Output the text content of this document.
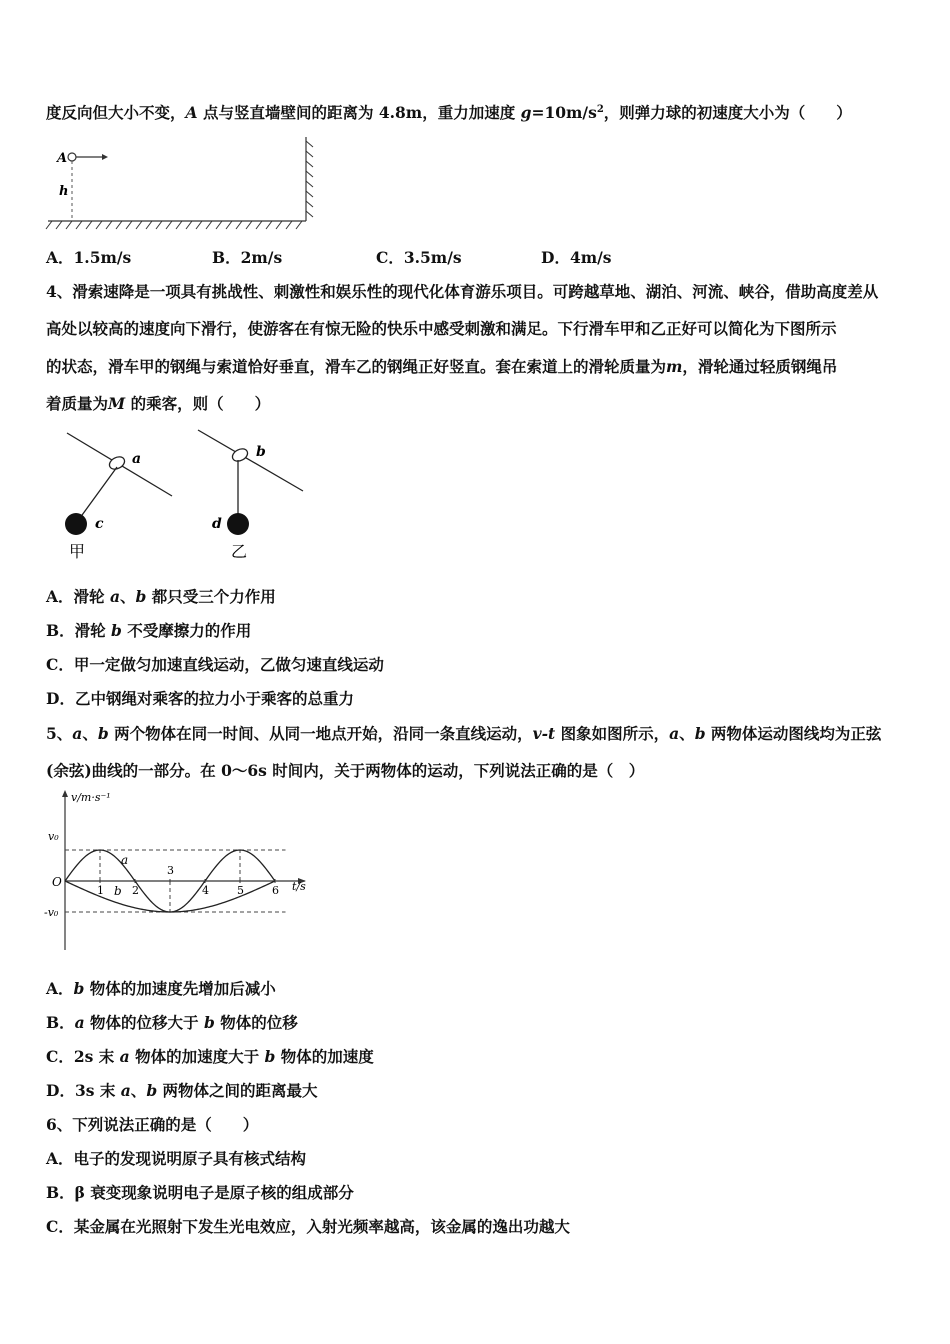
度反向但大小不变，A 点与竖直墙壁间的距离为 4.8m，重力加速度 $g=10m/s^2$，则弹力球的初速度大小为（　　）
A
h
A．1.5m/s	B．2m/s	C．3.5m/s	D．4m/s
4、滑索速降是一项具有挑战性、刺激性和娱乐性的现代化体育游乐项目。可跨越草地、湖泊、河流、峡谷，借助高度差从
高处以较高的速度向下滑行，使游客在有惊无险的快乐中感受刺激和满足。下行滑车甲和乙正好可以简化为下图所示
的状态，滑车甲的钢绳与索道恰好垂直，滑车乙的钢绳正好竖直。套在索道上的滑轮质量为m，滑轮通过轻质钢绳吊
着质量为M 的乘客，则（　　）
a
c
甲
b
d
乙
A．滑轮 a、b 都只受三个力作用
B．滑轮 b 不受摩擦力的作用
C．甲一定做匀加速直线运动，乙做匀速直线运动
D．乙中钢绳对乘客的拉力小于乘客的总重力
5、a、b 两个物体在同一时间、从同一地点开始，沿同一条直线运动，v-t 图象如图所示，a、b 两物体运动图线均为正弦
(余弦)曲线的一部分。在 0～6s 时间内，关于两物体的运动，下列说法正确的是（　）
1	2
3
4	5	6
v/m·s⁻¹
t/s
O
v₀
-v₀
a
b
A．b 物体的加速度先增加后减小
B．a 物体的位移大于 b 物体的位移
C．2s 末 a 物体的加速度大于 b 物体的加速度
D．3s 末 a、b 两物体之间的距离最大
6、下列说法正确的是（　　）
A．电子的发现说明原子具有核式结构
B．β 衰变现象说明电子是原子核的组成部分
C．某金属在光照射下发生光电效应，入射光频率越高，该金属的逸出功越大
